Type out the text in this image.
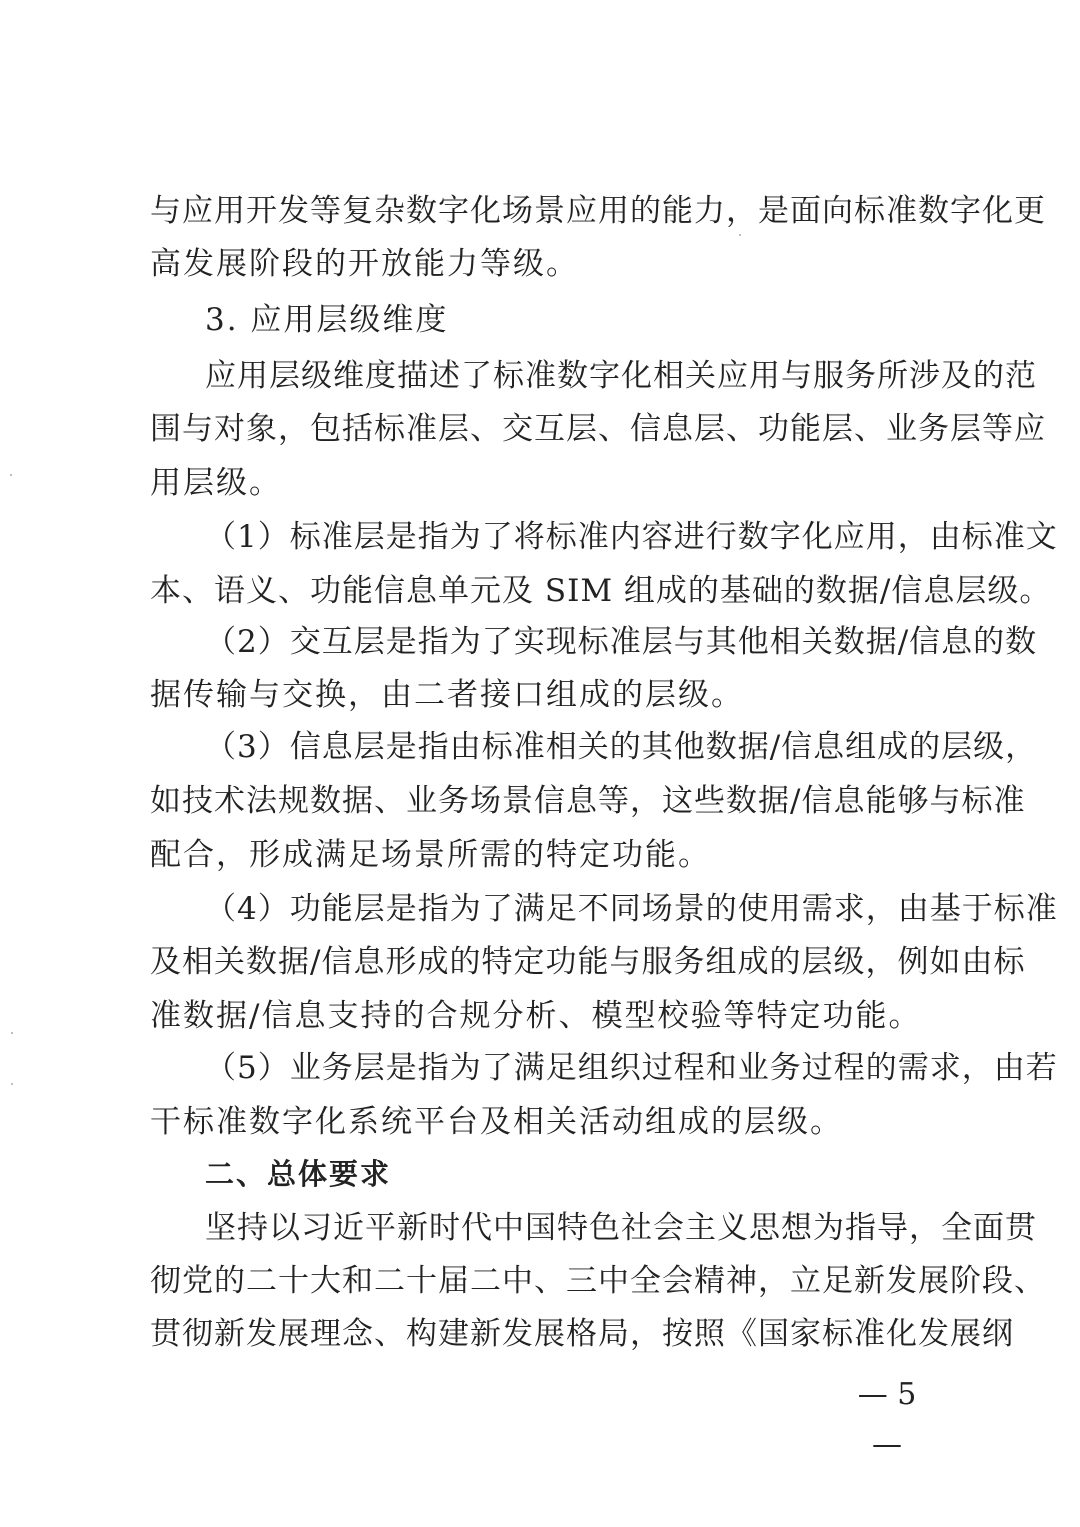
与应用开发等复杂数字化场景应用的能力，是面向标准数字化更
高发展阶段的开放能力等级。
3. 应用层级维度
应用层级维度描述了标准数字化相关应用与服务所涉及的范
围与对象，包括标准层、交互层、信息层、功能层、业务层等应
用层级。
（1）标准层是指为了将标准内容进行数字化应用，由标准文
本、语义、功能信息单元及 SIM 组成的基础的数据/信息层级。
（2）交互层是指为了实现标准层与其他相关数据/信息的数
据传输与交换，由二者接口组成的层级。
（3）信息层是指由标准相关的其他数据/信息组成的层级，
如技术法规数据、业务场景信息等，这些数据/信息能够与标准
配合，形成满足场景所需的特定功能。
（4）功能层是指为了满足不同场景的使用需求，由基于标准
及相关数据/信息形成的特定功能与服务组成的层级，例如由标
准数据/信息支持的合规分析、模型校验等特定功能。
（5）业务层是指为了满足组织过程和业务过程的需求，由若
干标准数字化系统平台及相关活动组成的层级。
二、总体要求
坚持以习近平新时代中国特色社会主义思想为指导，全面贯
彻党的二十大和二十届二中、三中全会精神，立足新发展阶段、
贯彻新发展理念、构建新发展格局，按照《国家标准化发展纲
— 5 —
